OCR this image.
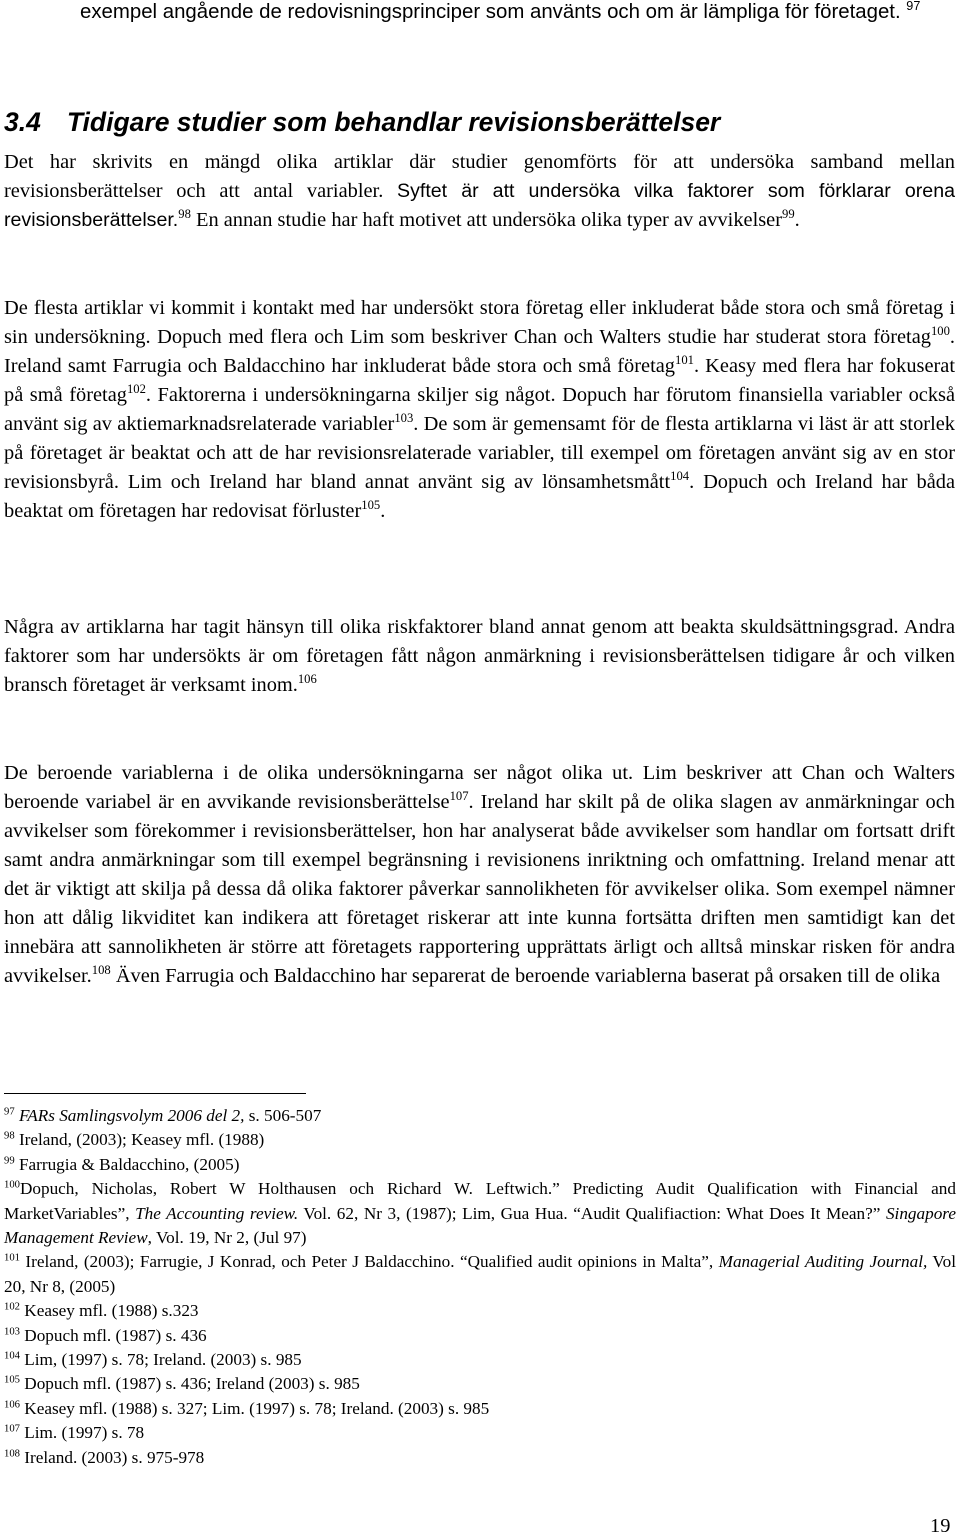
exempel angående de redovisningsprinciper som använts och om är lämpliga för företaget. $^{97}$
3.4 Tidigare studier som behandlar revisionsberättelser
Det har skrivits en mängd olika artiklar där studier genomförts för att undersöka samband mellan revisionsberättelser och att antal variabler. Syftet är att undersöka vilka faktorer som förklarar orena revisionsberättelser.$^{98}$ En annan studie har haft motivet att undersöka olika typer av avvikelser$^{99}$.
De flesta artiklar vi kommit i kontakt med har undersökt stora företag eller inkluderat både stora och små företag i sin undersökning. Dopuch med flera och Lim som beskriver Chan och Walters studie har studerat stora företag$^{100}$. Ireland samt Farrugia och Baldacchino har inkluderat både stora och små företag$^{101}$. Keasy med flera har fokuserat på små företag$^{102}$. Faktorerna i undersökningarna skiljer sig något. Dopuch har förutom finansiella variabler också använt sig av aktiemarknadsrelaterade variabler$^{103}$. De som är gemensamt för de flesta artiklarna vi läst är att storlek på företaget är beaktat och att de har revisionsrelaterade variabler, till exempel om företagen använt sig av en stor revisionsbyrå. Lim och Ireland har bland annat använt sig av lönsamhetsmått$^{104}$. Dopuch och Ireland har båda beaktat om företagen har redovisat förluster$^{105}$.
Några av artiklarna har tagit hänsyn till olika riskfaktorer bland annat genom att beakta skuldsättningsgrad. Andra faktorer som har undersökts är om företagen fått någon anmärkning i revisionsberättelsen tidigare år och vilken bransch företaget är verksamt inom.$^{106}$
De beroende variablerna i de olika undersökningarna ser något olika ut. Lim beskriver att Chan och Walters beroende variabel är en avvikande revisionsberättelse$^{107}$. Ireland har skilt på de olika slagen av anmärkningar och avvikelser som förekommer i revisionsberättelser, hon har analyserat både avvikelser som handlar om fortsatt drift samt andra anmärkningar som till exempel begränsning i revisionens inriktning och omfattning. Ireland menar att det är viktigt att skilja på dessa då olika faktorer påverkar sannolikheten för avvikelser olika. Som exempel nämner hon att dålig likviditet kan indikera att företaget riskerar att inte kunna fortsätta driften men samtidigt kan det innebära att sannolikheten är större att företagets rapportering upprättats ärligt och alltså minskar risken för andra avvikelser.$^{108}$ Även Farrugia och Baldacchino har separerat de beroende variablerna baserat på orsaken till de olika

$^{97}$ FARs Samlingsvolym 2006 del 2, s. 506-507

$^{98}$ Ireland, (2003); Keasey mfl. (1988)

$^{99}$ Farrugia & Baldacchino, (2005)

$^{100}$Dopuch, Nicholas, Robert W Holthausen och Richard W. Leftwich.” Predicting Audit Qualification with Financial and MarketVariables”, The Accounting review. Vol. 62, Nr 3, (1987); Lim, Gua Hua. “Audit Qualifiaction: What Does It Mean?” Singapore Management Review, Vol. 19, Nr 2, (Jul 97)

$^{101}$ Ireland, (2003); Farrugie, J Konrad, och Peter J Baldacchino. “Qualified audit opinions in Malta”, Managerial Auditing Journal, Vol 20, Nr 8, (2005)

$^{102}$ Keasey mfl. (1988) s.323

$^{103}$ Dopuch mfl. (1987) s. 436

$^{104}$ Lim, (1997) s. 78; Ireland. (2003) s. 985

$^{105}$ Dopuch mfl. (1987) s. 436; Ireland (2003) s. 985

$^{106}$ Keasey mfl. (1988) s. 327; Lim. (1997) s. 78; Ireland. (2003) s. 985

$^{107}$ Lim. (1997) s. 78

$^{108}$ Ireland. (2003) s. 975-978

19
